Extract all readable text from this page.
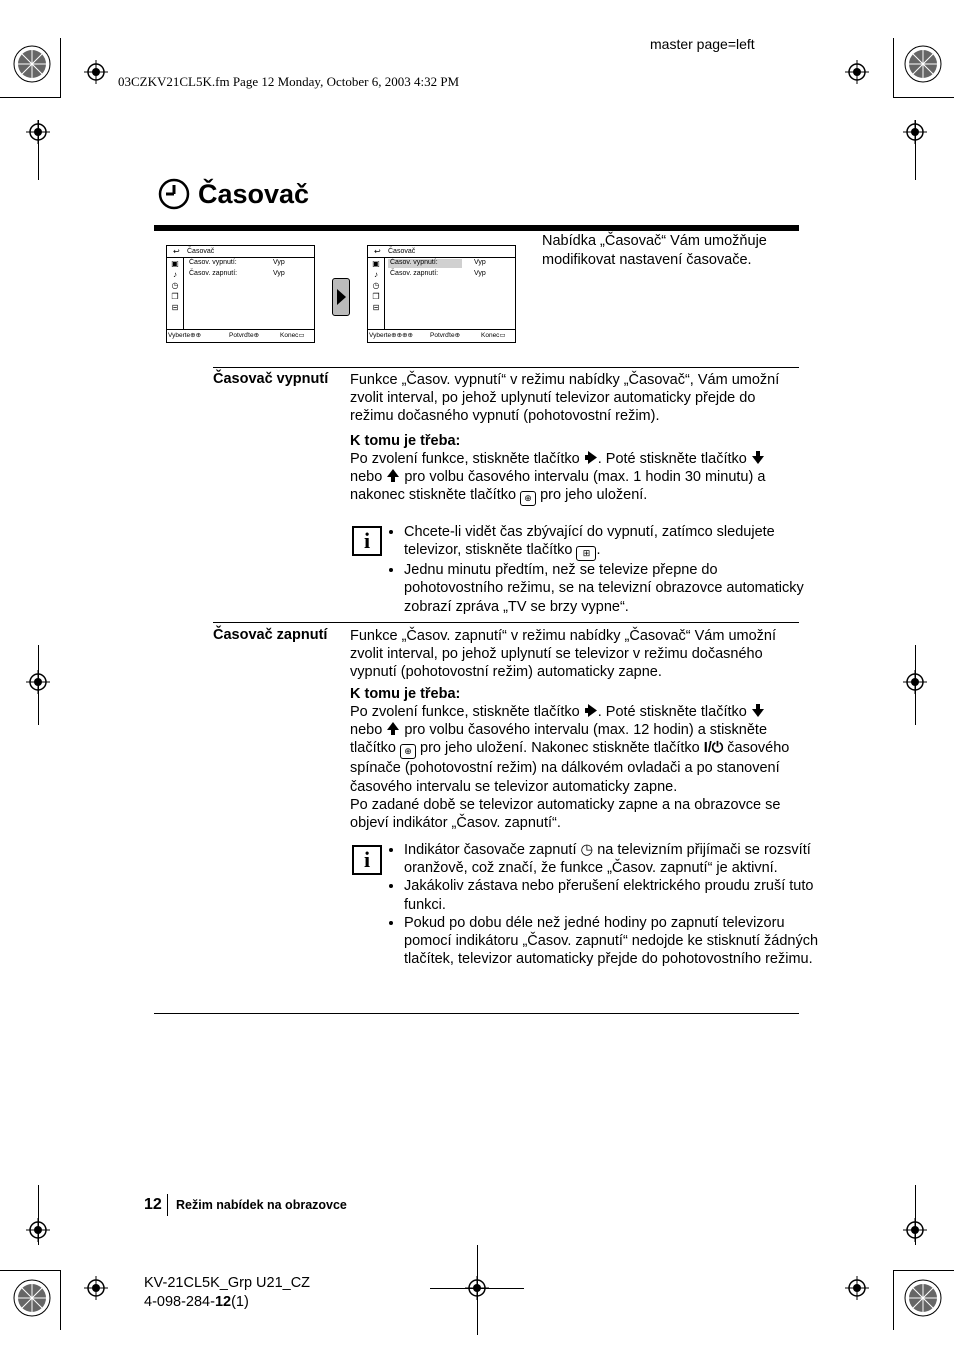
master page=left
03CZKV21CL5K.fm Page 12 Monday, October 6, 2003 4:32 PM
Časovač
Nabídka „Časovač“ Vám umožňuje modifikovat nastavení časovače.
↩ Časovač
▣
♪
◷
❐
⊟
Časov. vypnutí:	Vyp
Časov. zapnutí:	Vyp
Vyberte⊕⊕	Potvrďte⊕	Konec▭
↩ Časovač
▣
♪
◷
❐
⊟
Časov. vypnutí:	Vyp
Časov. zapnutí:	Vyp
Vyberte⊕⊕⊕⊕	Potvrďte⊕	Konec▭
Časovač vypnutí Funkce „Časov. vypnutí“ v režimu nabídky „Časovač“, Vám umožní zvolit interval, po jehož uplynutí televizor automaticky přejde do režimu dočasného vypnutí (pohotovostní režim).
K tomu je třeba:
Po zvolení funkce, stiskněte tlačítko . Poté stiskněte tlačítko  nebo pro volbu časového intervalu (max. 1 hodin 30 minutu) a nakonec stiskněte tlačítko ⊕ pro jeho uložení.
i	• Chcete-li vidět čas zbývající do vypnutí, zatímco sledujete televizor, stiskněte tlačítko ⊞ .
• Jednu minutu předtím, než se televize přepne do pohotovostního režimu, se na televizní obrazovce automaticky zobrazí zpráva „TV se brzy vypne“.
Časovač zapnutí Funkce „Časov. zapnutí“ v režimu nabídky „Časovač“ Vám umožní zvolit interval, po jehož uplynutí se televizor v režimu dočasného vypnutí (pohotovostní režim) automaticky zapne.
K tomu je třeba:
Po zvolení funkce, stiskněte tlačítko . Poté stiskněte tlačítko  nebo pro volbu časového intervalu (max. 12 hodin) a stiskněte tlačítko ⊕ pro jeho uložení. Nakonec stiskněte tlačítko I/⏻ časového spínače (pohotovostní režim) na dálkovém ovladači a po stanovení časového intervalu se televizor automaticky zapne.
Po zadané době se televizor automaticky zapne a na obrazovce se objeví indikátor „Časov. zapnutí“.
i	• Indikátor časovače zapnutí ◷ na televizním přijímači se rozsvítí oranžově, což značí, že funkce „Časov. zapnutí“ je aktivní.
• Jakákoliv zástava nebo přerušení elektrického proudu zruší tuto funkci.
• Pokud po dobu déle než jedné hodiny po zapnutí televizoru pomocí indikátoru „Časov. zapnutí“ nedojde ke stisknutí žádných tlačítek, televizor automaticky přejde do pohotovostního režimu.
12 Režim nabídek na obrazovce
KV-21CL5K_Grp U21_CZ
4-098-284-12(1)
